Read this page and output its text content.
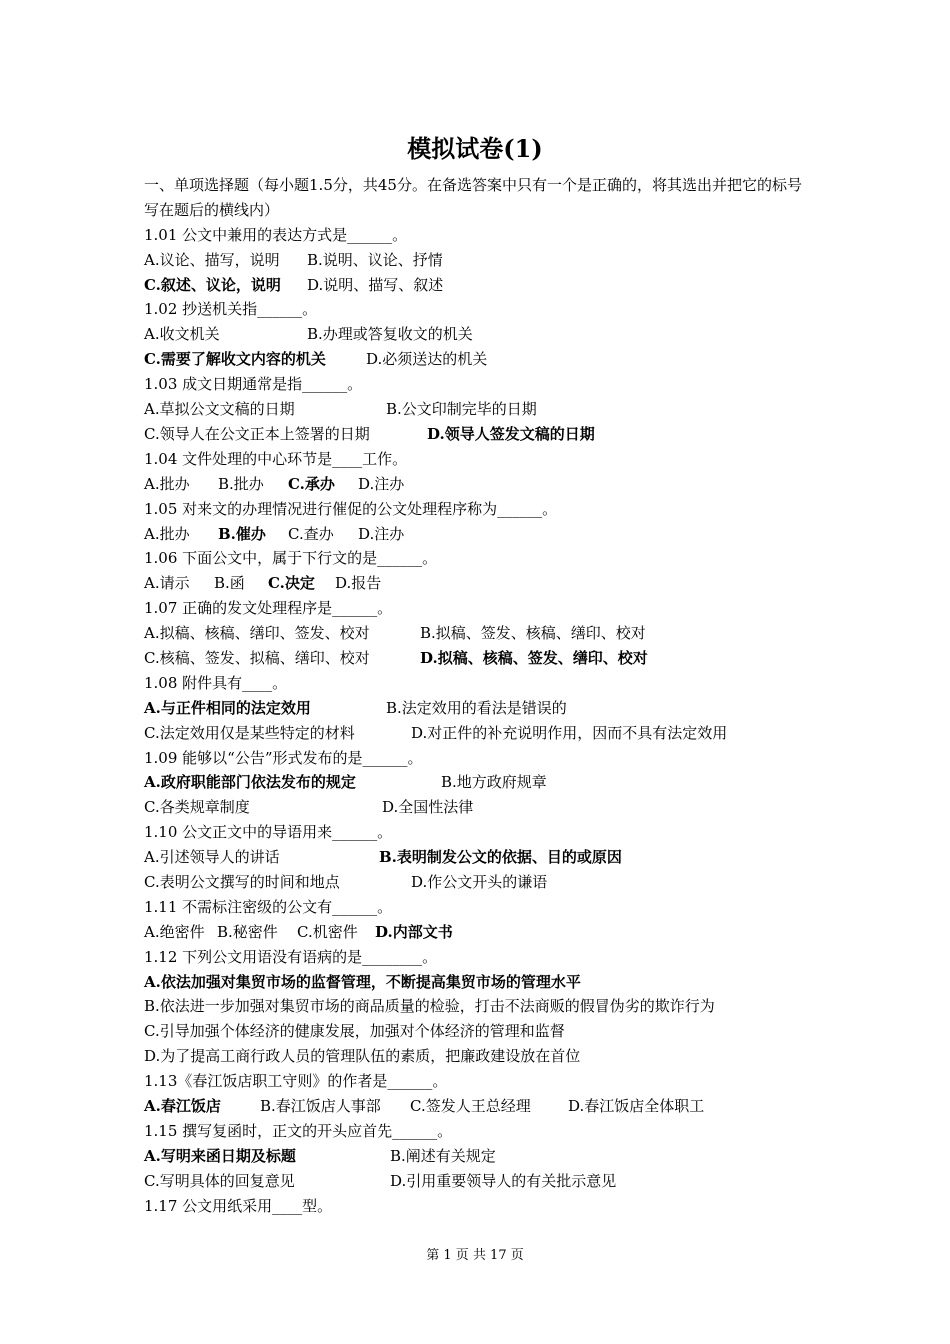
模拟试卷(1)
一、单项选择题（每小题1.5分，共45分。在备选答案中只有一个是正确的，将其选出并把它的标号写在题后的横线内）
1.01 公文中兼用的表达方式是______。
A.议论、描写，说明 B.说明、议论、抒情
C.叙述、议论，说明 D.说明、描写、叙述
1.02 抄送机关指______。
A.收文机关	B.办理或答复收文的机关
C.需要了解收文内容的机关	D.必须送达的机关
1.03 成文日期通常是指______。
A.草拟公文文稿的日期	B.公文印制完毕的日期
C.领导人在公文正本上签署的日期	D.领导人签发文稿的日期
1.04 文件处理的中心环节是____工作。
A.批办 B.批办 C.承办 D.注办
1.05 对来文的办理情况进行催促的公文处理程序称为______。
A.批办 B.催办 C.查办 D.注办
1.06 下面公文中，属于下行文的是______。
A.请示 B.函 C.决定 D.报告
1.07 正确的发文处理程序是______。
A.拟稿、核稿、缮印、签发、校对	B.拟稿、签发、核稿、缮印、校对
C.核稿、签发、拟稿、缮印、校对	D.拟稿、核稿、签发、缮印、校对
1.08 附件具有____。
A.与正件相同的法定效用	B.法定效用的看法是错误的
C.法定效用仅是某些特定的材料	D.对正件的补充说明作用，因而不具有法定效用
1.09 能够以“公告”形式发布的是______。
A.政府职能部门依法发布的规定	B.地方政府规章
C.各类规章制度	D.全国性法律
1.10 公文正文中的导语用来______。
A.引述领导人的讲话	B.表明制发公文的依据、目的或原因
C.表明公文撰写的时间和地点	D.作公文开头的谦语
1.11 不需标注密级的公文有______。
A.绝密件 B.秘密件 C.机密件 D.内部文书
1.12 下列公文用语没有语病的是________。
A.依法加强对集贸市场的监督管理，不断提高集贸市场的管理水平
B.依法进一步加强对集贸市场的商品质量的检验，打击不法商贩的假冒伪劣的欺诈行为
C.引导加强个体经济的健康发展，加强对个体经济的管理和监督
D.为了提高工商行政人员的管理队伍的素质，把廉政建设放在首位
1.13《春江饭店职工守则》的作者是______。
A.春江饭店	B.春江饭店人事部 C.签发人王总经理 D.春江饭店全体职工
1.15 撰写复函时，正文的开头应首先______。
A.写明来函日期及标题	B.阐述有关规定
C.写明具体的回复意见	D.引用重要领导人的有关批示意见
1.17 公文用纸采用____型。
第 1 页 共 17 页
